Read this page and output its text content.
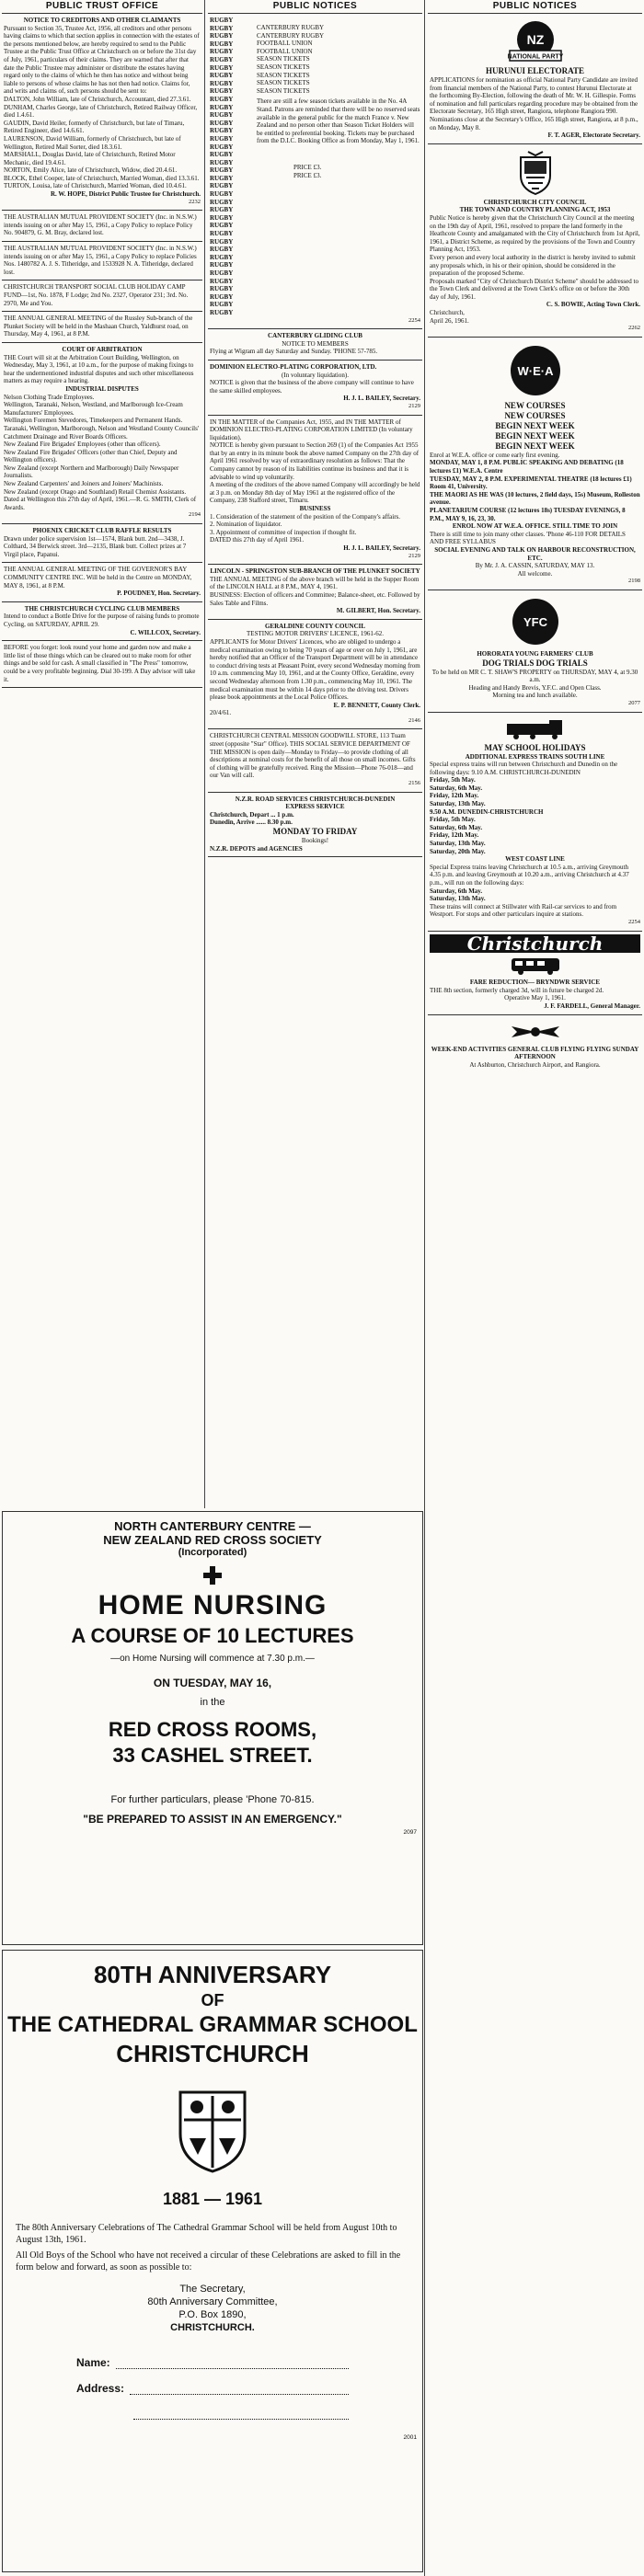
PUBLIC TRUST OFFICE

NOTICE TO CREDITORS AND OTHER CLAIMANTS

Pursuant to Section 35, Trustee Act, 1956, all creditors and other persons having claims to which that section applies in connection with the estates of the persons mentioned below, are hereby required to send to the Public Trustee at the Public Trust Office at Christchurch on or before the 31st day of July, 1961, particulars of their claims. They are warned that after that date the Public Trustee may administer or distribute the estates having regard only to the claims of which he then has notice and without being liable to persons of whose claims he has not then had notice. Claims for, and writs and claims of, such persons should be sent to:

DALTON, John William, late of Christchurch, Accountant, died 27.3.61.

DUNHAM, Charles George, late of Christchurch, Retired Railway Officer, died 1.4.61.

GAUDIN, David Heiler, formerly of Christchurch, but late of Timaru, Retired Engineer, died 14.6.61.

LAURENSON, David William, formerly of Christchurch, but late of Wellington, Retired Mail Sorter, died 18.3.61.

MARSHALL, Douglas David, late of Christchurch, Retired Motor Mechanic, died 19.4.61.

NORTON, Emily Alice, late of Christchurch, Widow, died 20.4.61.

BLOCK, Ethel Cooper, late of Christchurch, Married Woman, died 13.3.61.

TURTON, Louisa, late of Christchurch, Married Woman, died 10.4.61.

R. W. HOPE, District Public Trustee for Christchurch.

2232

THE AUSTRALIAN MUTUAL PROVIDENT SOCIETY (Inc. in N.S.W.) intends issuing on or after May 15, 1961, a Copy Policy to replace Policy No. 904879, G. M. Bray, declared lost.

THE AUSTRALIAN MUTUAL PROVIDENT SOCIETY (Inc. in N.S.W.) intends issuing on or after May 15, 1961, a Copy Policy to replace Policies Nos. 1480782 A. J. S. Titheridge, and 1533928 N. A. Titheridge, declared lost.

CHRISTCHURCH TRANSPORT SOCIAL CLUB HOLIDAY CAMP FUND—1st, No. 1878, F Lodge; 2nd No. 2327, Operator 231; 3rd. No. 2970, Me and You.

THE ANNUAL GENERAL MEETING of the Russley Sub-branch of the Plunket Society will be held in the Mashaan Church, Yaldhurst road, on Thursday, May 4, 1961, at 8 P.M.

COURT OF ARBITRATION

THE Court will sit at the Arbitration Court Building, Wellington, on Wednesday, May 3, 1961, at 10 a.m., for the purpose of making fixings to hear the undermentioned industrial disputes and such other miscellaneous matters as may require a hearing.

INDUSTRIAL DISPUTES

Nelson Clothing Trade Employees.

Wellington, Taranaki, Nelson, Westland, and Marlborough Ice-Cream Manufacturers' Employees.

Wellington Foremen Stevedores, Timekeepers and Permanent Hands.

Taranaki, Wellington, Marlborough, Nelson and Westland County Councils' Catchment Drainage and River Boards Officers.

New Zealand Fire Brigades' Employees (other than officers).

New Zealand Fire Brigades' Officers (other than Chief, Deputy and Wellington officers).

New Zealand (except Northern and Marlborough) Daily Newspaper Journalists.

New Zealand Carpenters' and Joiners and Joiners' Machinists.

New Zealand (except Otago and Southland) Retail Chemist Assistants.

Dated at Wellington this 27th day of April, 1961.—R. G. SMITH, Clerk of Awards.

2194

PHOENIX CRICKET CLUB RAFFLE RESULTS

Drawn under police supervision 1st—1574, Blank butt. 2nd—3438, J. Colthard, 34 Berwick street. 3rd—2135, Blank butt. Collect prizes at 7 Virgil place, Papanui.

THE ANNUAL GENERAL MEETING OF THE GOVERNOR'S BAY COMMUNITY CENTRE INC. Will be held in the Centre on MONDAY, MAY 8, 1961, at 8 P.M.

P. POUDNEY, Hon. Secretary.

THE CHRISTCHURCH CYCLING CLUB MEMBERS

Intend to conduct a Bottle Drive for the purpose of raising funds to promote Cycling, on SATURDAY, APRIL 29.

C. WILLCOX, Secretary.

BEFORE you forget: look round your home and garden now and make a little list of those things which can be cleared out to make room for other things and be sold for cash. A small classified in "The Press" tomorrow, could be a very profitable beginning. Dial 30-199. A Day advisor will take it.

PUBLIC NOTICES
RUGBY
RUGBY
RUGBY
RUGBY
RUGBY
RUGBY
RUGBY
RUGBY
RUGBY
RUGBY
RUGBY
RUGBY
RUGBY
RUGBY
RUGBY
RUGBY
RUGBY
RUGBY
RUGBY
RUGBY
RUGBY
RUGBY
RUGBY
RUGBY
RUGBY
RUGBY
RUGBY
RUGBY
RUGBY
RUGBY
RUGBY
RUGBY
RUGBY
RUGBY
RUGBY
RUGBY
RUGBY
RUGBY

CANTERBURY RUGBY

CANTERBURY RUGBY

FOOTBALL UNION

FOOTBALL UNION

SEASON TICKETS

SEASON TICKETS

SEASON TICKETS

SEASON TICKETS

SEASON TICKETS

There are still a few season tickets available in the No. 4A Stand. Patrons are reminded that there will be no reserved seats available in the general public for the match France v. New Zealand and no person other than Season Ticket Holders will be entitled to preferential booking. Tickets may be purchased from the D.I.C. Booking Office as from Monday, May 1, 1961.

PRICE £3.

PRICE £3.

2254

CANTERBURY GLIDING CLUB

NOTICE TO MEMBERS

Flying at Wigram all day Saturday and Sunday. 'PHONE 57-785.

DOMINION ELECTRO-PLATING CORPORATION, LTD.

(In voluntary liquidation).

NOTICE is given that the business of the above company will continue to have the same skilled employees.

H. J. L. BAILEY, Secretary.

2129

IN THE MATTER of the Companies Act, 1955, and IN THE MATTER of DOMINION ELECTRO-PLATING CORPORATION LIMITED (In voluntary liquidation).

NOTICE is hereby given pursuant to Section 269 (1) of the Companies Act 1955 that by an entry in its minute book the above named Company on the 27th day of April 1961 resolved by way of extraordinary resolution as follows: That the Company cannot by reason of its liabilities continue its business and that it is advisable to wind up voluntarily.

A meeting of the creditors of the above named Company will accordingly be held at 3 p.m. on Monday 8th day of May 1961 at the registered office of the Company, 238 Stafford street, Timaru.

BUSINESS

1. Consideration of the statement of the position of the Company's affairs.

2. Nomination of liquidator.

3. Appointment of committee of inspection if thought fit.

DATED this 27th day of April 1961.

H. J. L. BAILEY, Secretary.

2129

LINCOLN - SPRINGSTON SUB-BRANCH OF THE PLUNKET SOCIETY

THE ANNUAL MEETING of the above branch will be held in the Supper Room of the LINCOLN HALL at 8 P.M., MAY 4, 1961.

BUSINESS: Election of officers and Committee; Balance-sheet, etc. Followed by Sales Table and Films.

M. GILBERT, Hon. Secretary.

GERALDINE COUNTY COUNCIL

TESTING MOTOR DRIVERS' LICENCE, 1961-62.

APPLICANTS for Motor Drivers' Licences, who are obliged to undergo a medical examination owing to being 70 years of age or over on July 1, 1961, are hereby notified that an Officer of the Transport Department will be in attendance to conduct driving tests at Pleasant Point, every second Wednesday morning from 10 a.m. commencing May 10, 1961, and at the County Office, Geraldine, every second Wednesday afternoon from 1.30 p.m., commencing May 10, 1961. The medical examination must be within 14 days prior to the driving test. Drivers please book appointments at the Local Police Offices.

E. P. BENNETT, County Clerk.

20/4/61.

2146

CHRISTCHURCH CENTRAL MISSION GOODWILL STORE, 113 Tuam street (opposite "Star" Office). THIS SOCIAL SERVICE DEPARTMENT OF THE MISSION is open daily—Monday to Friday—to provide clothing of all descriptions at nominal costs for the benefit of all those on small incomes. Gifts of clothing will be gratefully received. Ring the Mission—Phone 76-018—and our Van will call.

2156

N.Z.R. ROAD SERVICES CHRISTCHURCH-DUNEDIN

EXPRESS SERVICE

Christchurch, Depart ... 1 p.m.

Dunedin, Arrive ...... 8.30 p.m.

MONDAY TO FRIDAY

Bookings!

N.Z.R. DEPOTS and AGENCIES

PUBLIC NOTICES
NZ
NATIONAL PARTY

HURUNUI ELECTORATE

APPLICATIONS for nomination as official National Party Candidate are invited from financial members of the National Party, to contest Hurunui Electorate at the forthcoming By-Election, following the death of Mr. W. H. Gillespie. Forms of nomination and full particulars regarding procedure may be obtained from the Electorate Secretary, 165 High street, Rangiora, telephone Rangiora 990.

Nominations close at the Secretary's Office, 165 High street, Rangiora, at 8 p.m., on Monday, May 8.

F. T. AGER, Electorate Secretary.

CHRISTCHURCH CITY COUNCIL

THE TOWN AND COUNTRY PLANNING ACT, 1953

Public Notice is hereby given that the Christchurch City Council at the meeting on the 19th day of April, 1961, resolved to prepare the land formerly in the Heathcote County and amalgamated with the City of Christchurch from 1st April, 1961, a District Scheme, as required by the provisions of the Town and Country Planning Act, 1953.

Every person and every local authority in the district is hereby invited to submit any proposals which, in his or their opinion, should be considered in the preparation of the proposed Scheme.

Proposals marked "City of Christchurch District Scheme" should be addressed to the Town Clerk and delivered at the Town Clerk's office on or before the 30th day of July, 1961.

C. S. BOWIE, Acting Town Clerk.

Christchurch,

April 26, 1961.

2262

W·E·A

NEW COURSES

NEW COURSES

BEGIN NEXT WEEK

BEGIN NEXT WEEK

BEGIN NEXT WEEK

Enrol at W.E.A. office or come early first evening.

MONDAY, MAY 1, 8 P.M. PUBLIC SPEAKING AND DEBATING (18 lectures £1) W.E.A. Centre

TUESDAY, MAY 2, 8 P.M. EXPERIMENTAL THEATRE (18 lectures £1) Room 41, University.

THE MAORI AS HE WAS (10 lectures, 2 field days, 15s) Museum, Rolleston avenue.

PLANETARIUM COURSE (12 lectures 18s) TUESDAY EVENINGS, 8 P.M., MAY 9, 16, 23, 30.

ENROL NOW AT W.E.A. OFFICE. STILL TIME TO JOIN

There is still time to join many other classes. 'Phone 46-110 FOR DETAILS AND FREE SYLLABUS

SOCIAL EVENING AND TALK ON HARBOUR RECONSTRUCTION, ETC.

By Mr. J. A. CASSIN, SATURDAY, MAY 13.

All welcome.

2198

YFC

HORORATA YOUNG FARMERS' CLUB

DOG TRIALS DOG TRIALS

To be held on MR C. T. SHAW'S PROPERTY on THURSDAY, MAY 4, at 9.30 a.m.

Heading and Handy Brevis, Y.F.C. and Open Class.

Morning tea and lunch available.

2077

MAY SCHOOL HOLIDAYS

ADDITIONAL EXPRESS TRAINS SOUTH LINE

Special express trains will run between Christchurch and Dunedin on the following days: 9.10 A.M. CHRISTCHURCH-DUNEDIN

Friday, 5th May.

Saturday, 6th May.

Friday, 12th May.

Saturday, 13th May.

9.50 A.M. DUNEDIN-CHRISTCHURCH

Friday, 5th May.

Saturday, 6th May.

Friday, 12th May.

Saturday, 13th May.

Saturday, 20th May.

WEST COAST LINE

Special Express trains leaving Christchurch at 10.5 a.m., arriving Greymouth 4.35 p.m. and leaving Greymouth at 10.20 a.m., arriving Christchurch at 4.37 p.m., will run on the following days:

Saturday, 6th May.

Saturday, 13th May.

These trains will connect at Stillwater with Rail-car services to and from Westport. For stops and other particulars inquire at stations.

2254

Christchurch

FARE REDUCTION— BRYNDWR SERVICE

THE 8th section, formerly charged 3d, will in future be charged 2d.

Operative May 1, 1961.

J. F. FARDELL, General Manager.

WEEK-END ACTIVITIES GENERAL CLUB FLYING FLYING SUNDAY AFTERNOON

At Ashburton, Christchurch Airport, and Rangiora.

NORTH CANTERBURY CENTRE —
NEW ZEALAND RED CROSS SOCIETY
(Incorporated)
HOME NURSING
A COURSE OF 10 LECTURES
—on Home Nursing will commence at 7.30 p.m.—
ON TUESDAY, MAY 16,
in the
RED CROSS ROOMS,
33 CASHEL STREET.
For further particulars, please 'Phone 70-815.
"BE PREPARED TO ASSIST IN AN EMERGENCY."
2097
80TH ANNIVERSARY
OF
THE CATHEDRAL GRAMMAR SCHOOL
CHRISTCHURCH
1881 — 1961
The 80th Anniversary Celebrations of The Cathedral Grammar School will be held from August 10th to August 13th, 1961.
All Old Boys of the School who have not received a circular of these Celebrations are asked to fill in the form below and forward, as soon as possible to:
The Secretary,
80th Anniversary Committee,
P.O. Box 1890,
CHRISTCHURCH.
Name:
Address:
2001
